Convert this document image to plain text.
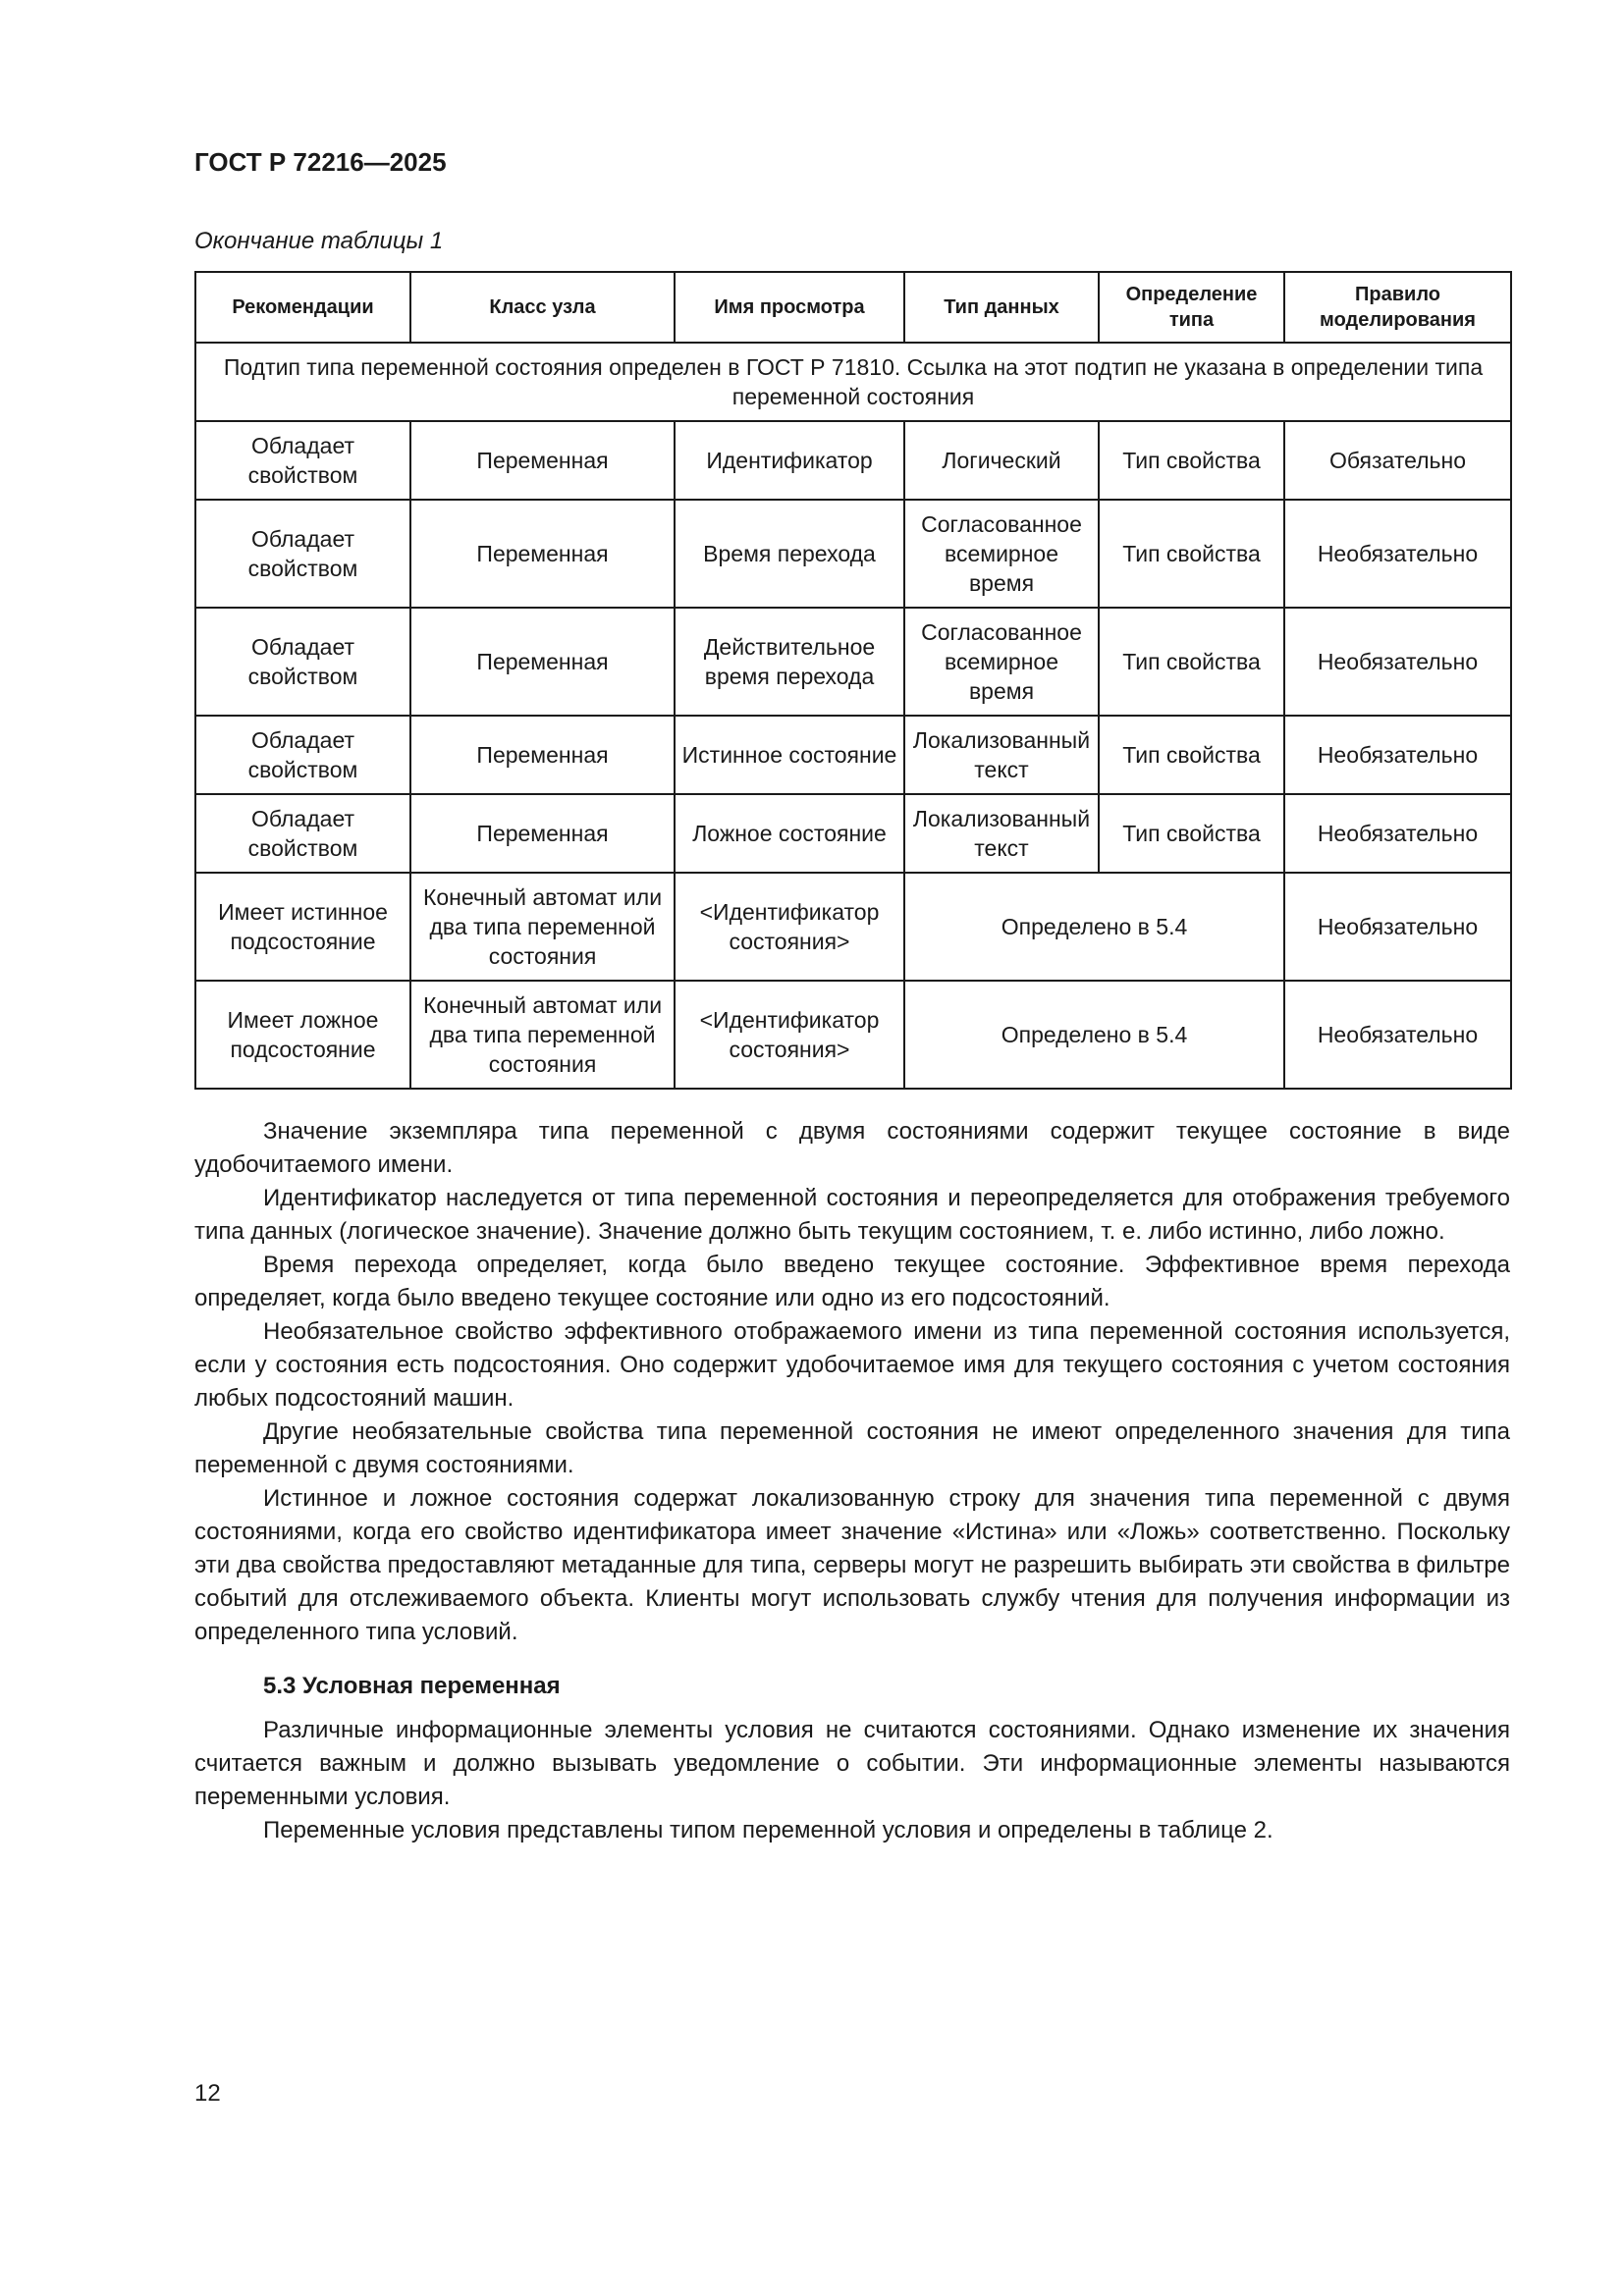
ГОСТ Р 72216—2025
Окончание таблицы 1
Рекомендации	Класс узла	Имя просмотра	Тип данных	Определение типа	Правило моделирования
Подтип типа переменной состояния определен в ГОСТ Р 71810. Ссылка на этот подтип не указана в определении типа переменной состояния					
Обладает свойством	Переменная	Идентификатор	Логический	Тип свойства	Обязательно
Обладает свойством	Переменная	Время перехода	Согласованное всемирное время	Тип свойства	Необязательно
Обладает свойством	Переменная	Действительное время перехода	Согласованное всемирное время	Тип свойства	Необязательно
Обладает свойством	Переменная	Истинное состояние	Локализованный текст	Тип свойства	Необязательно
Обладает свойством	Переменная	Ложное состояние	Локализованный текст	Тип свойства	Необязательно
Имеет истинное подсостояние	Конечный автомат или два типа переменной состояния	<Идентификатор состояния>	Определено в 5.4		Необязательно
Имеет ложное подсостояние	Конечный автомат или два типа переменной состояния	<Идентификатор состояния>	Определено в 5.4		Необязательно

Значение экземпляра типа переменной с двумя состояниями содержит текущее состояние в виде удобочитаемого имени.

Идентификатор наследуется от типа переменной состояния и переопределяется для отображения требуемого типа данных (логическое значение). Значение должно быть текущим состоянием, т. е. либо истинно, либо ложно.

Время перехода определяет, когда было введено текущее состояние. Эффективное время перехода определяет, когда было введено текущее состояние или одно из его подсостояний.

Необязательное свойство эффективного отображаемого имени из типа переменной состояния используется, если у состояния есть подсостояния. Оно содержит удобочитаемое имя для текущего состояния с учетом состояния любых подсостояний машин.

Другие необязательные свойства типа переменной состояния не имеют определенного значения для типа переменной с двумя состояниями.

Истинное и ложное состояния содержат локализованную строку для значения типа переменной с двумя состояниями, когда его свойство идентификатора имеет значение «Истина» или «Ложь» соответственно. Поскольку эти два свойства предоставляют метаданные для типа, серверы могут не разрешить выбирать эти свойства в фильтре событий для отслеживаемого объекта. Клиенты могут использовать службу чтения для получения информации из определенного типа условий.

5.3 Условная переменная

Различные информационные элементы условия не считаются состояниями. Однако изменение их значения считается важным и должно вызывать уведомление о событии. Эти информационные элементы называются переменными условия.

Переменные условия представлены типом переменной условия и определены в таблице 2.

12
